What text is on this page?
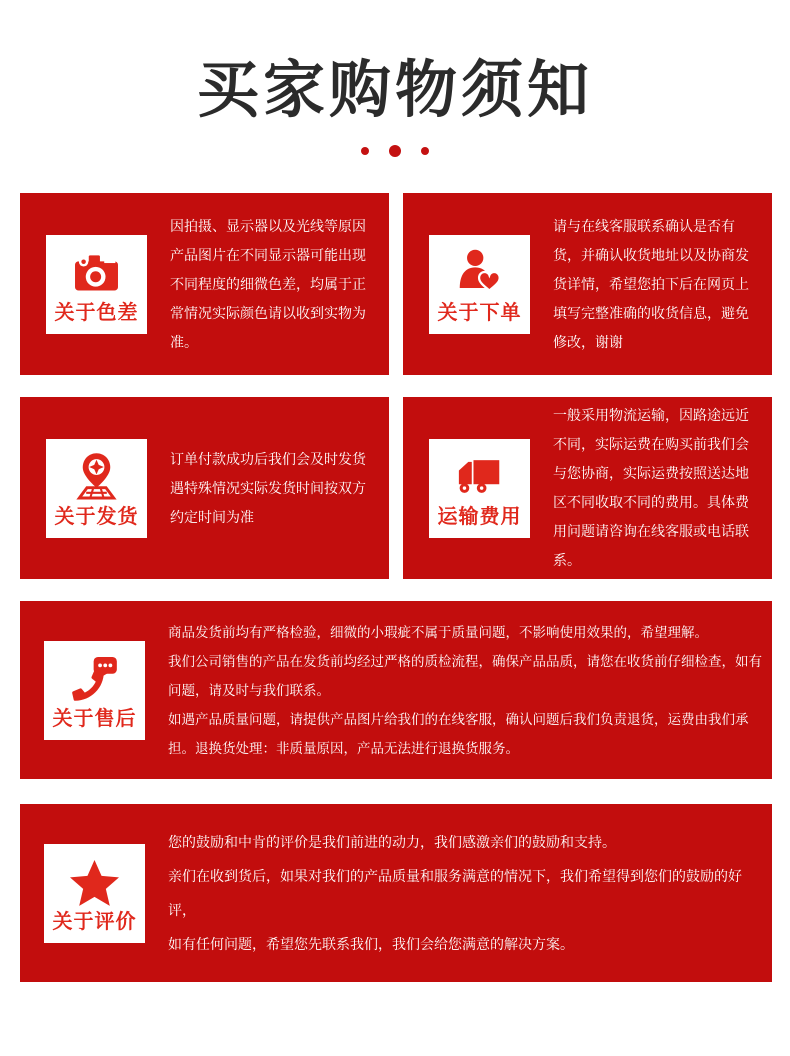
买家购物须知
关于色差

因拍摄、显示器以及光线等原因产品图片在不同显示器可能出现不同程度的细微色差，均属于正常情况实际颜色请以收到实物为准。

关于下单

请与在线客服联系确认是否有货，并确认收货地址以及协商发货详情，希望您拍下后在网页上填写完整准确的收货信息，避免修改，谢谢

关于发货

订单付款成功后我们会及时发货

遇特殊情况实际发货时间按双方约定时间为准	运输费用

一般采用物流运输，因路途远近不同，实际运费在购买前我们会与您协商，实际运费按照送达地区不同收取不同的费用。具体费用问题请咨询在线客服或电话联系。

关于售后

商品发货前均有严格检验，细微的小瑕疵不属于质量问题，不影响使用效果的，希望理解。

我们公司销售的产品在发货前均经过严格的质检流程，确保产品品质，请您在收货前仔细检查，如有问题，请及时与我们联系。

如遇产品质量问题，请提供产品图片给我们的在线客服，确认问题后我们负责退货，运费由我们承担。退换货处理：非质量原因，产品无法进行退换货服务。

关于评价

您的鼓励和中肯的评价是我们前进的动力，我们感激亲们的鼓励和支持。

亲们在收到货后，如果对我们的产品质量和服务满意的情况下，我们希望得到您们的鼓励的好评，

如有任何问题，希望您先联系我们，我们会给您满意的解决方案。
